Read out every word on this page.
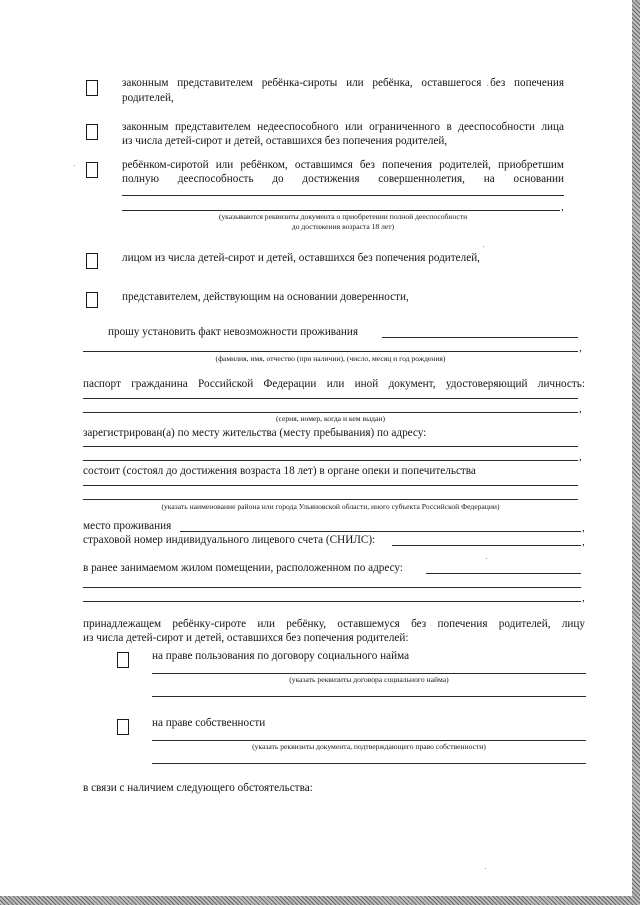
законным представителем ребёнка-сироты или ребёнка, оставшегося без попечения
родителей,
законным представителем недееспособного или ограниченного в дееспособности лица
из числа детей-сирот и детей, оставшихся без попечения родителей,
ребёнком-сиротой или ребёнком, оставшимся без попечения родителей, приобретшим
полную дееспособность до достижения совершеннолетия, на основании
,
(указываются реквизиты документа о приобретении полной дееспособности
до достижения возраста 18 лет)
лицом из числа детей-сирот и детей, оставшихся без попечения родителей,
представителем, действующим на основании доверенности,
прошу установить факт невозможности проживания
,
(фамилия, имя, отчество (при наличии), (число, месяц и год рождения)
паспорт гражданина Российской Федерации или иной документ, удостоверяющий личность:
,
(серия, номер, когда и кем выдан)
зарегистрирован(а) по месту жительства (месту пребывания) по адресу:
,
состоит (состоял до достижения возраста 18 лет) в органе опеки и попечительства
(указать наименование района или города Ульяновской области, иного субъекта Российской Федерации)
место проживания	,
страховой номер индивидуального лицевого счета (СНИЛС):	,
в ранее занимаемом жилом помещении, расположенном по адресу:
,
принадлежащем ребёнку-сироте или ребёнку, оставшемуся без попечения родителей, лицу
из числа детей-сирот и детей, оставшихся без попечения родителей:
на праве пользования по договору социального найма
(указать реквизиты договора социального найма)
на праве собственности
(указать реквизиты документа, подтверждающего право собственности)
в связи с наличием следующего обстоятельства:
